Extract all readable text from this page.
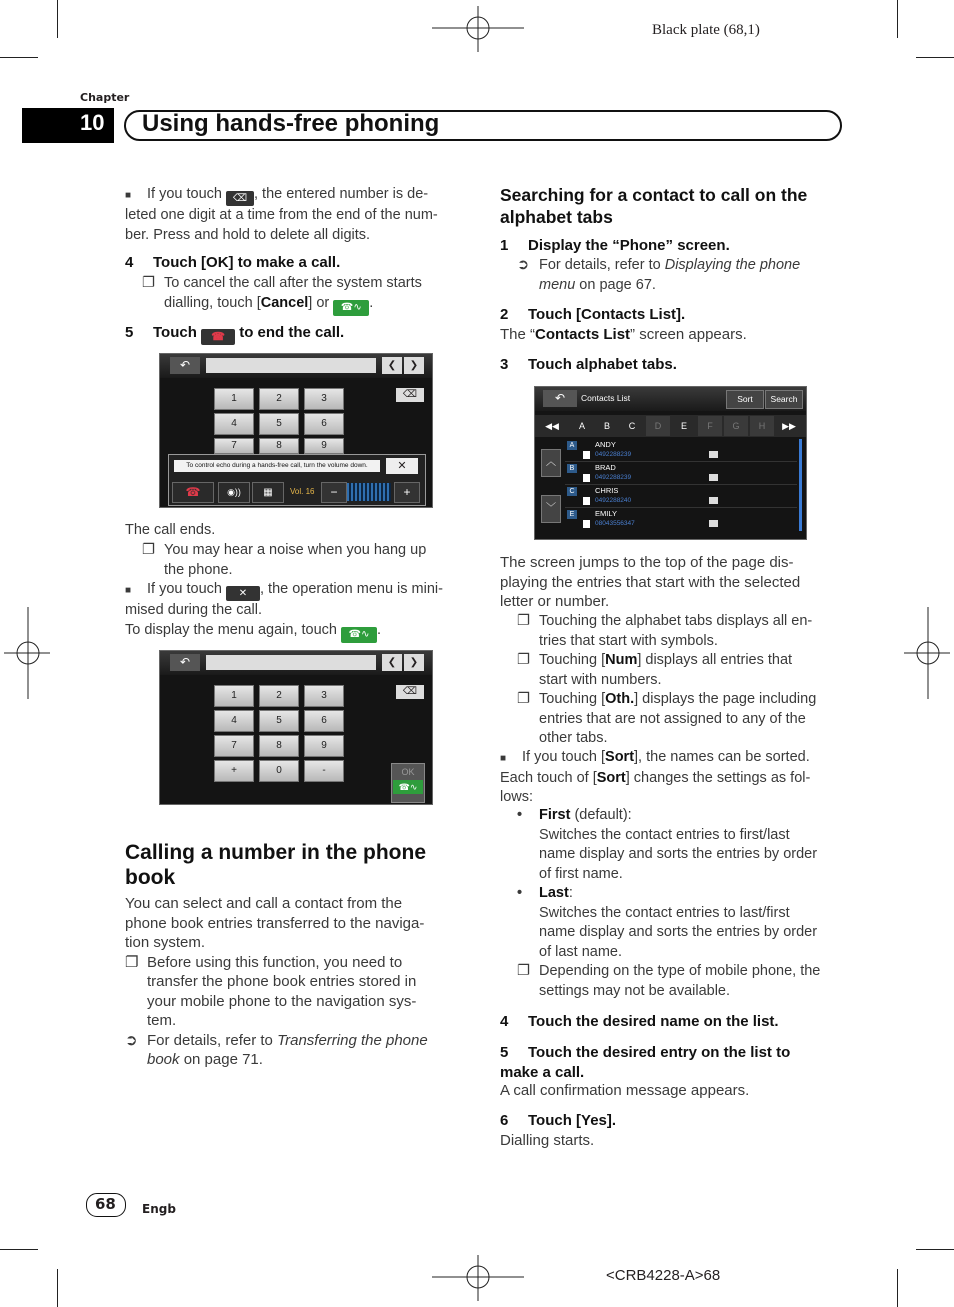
Black plate (68,1)
Chapter
10 Using hands-free phoning
■ If you touch ⌫ , the entered number is de-
leted one digit at a time from the end of the num-
ber. Press and hold to delete all digits.
4 Touch [OK] to make a call.
❐ To cancel the call after the system starts
dialling, touch [Cancel] or ☎∿ .
5 Touch ☎ to end the call.
↶	❮	❯
⌫
1	2	3
4	5	6
7	8	9
To control echo during a hands-free call, turn the volume down.	✕
☎	◉))	▦	Vol. 16	−	+
The call ends.
❐ You may hear a noise when you hang up
the phone.
■ If you touch ✕ , the operation menu is mini-
mised during the call.
To display the menu again, touch ☎∿ .
↶	❮	❯
⌫
1	2	3
4	5	6
7	8	9
+	0	-	OK
☎∿
Calling a number in the phone
book
You can select and call a contact from the
phone book entries transferred to the naviga-
tion system.
❐ Before using this function, you need to
transfer the phone book entries stored in
your mobile phone to the navigation sys-
tem.
➲ For details, refer to Transferring the phone
book on page 71.
Searching for a contact to call on the
alphabet tabs
1 Display the “Phone” screen.
➲ For details, refer to Displaying the phone
menu on page 67.
2 Touch [Contacts List].
The “Contacts List” screen appears.
3 Touch alphabet tabs.
↶	Contacts List	Sort	Search
◀◀	A	B	C	D	E	F	G	H	▶▶
︿
﹀
A	ANDY
0492288239
B	BRAD
0492288239
C	CHRIS
0492288240
E	EMILY
08043556347
The screen jumps to the top of the page dis-
playing the entries that start with the selected
letter or number.
❐ Touching the alphabet tabs displays all en-
tries that start with symbols.
❐ Touching [Num] displays all entries that
start with numbers.
❐ Touching [Oth.] displays the page including
entries that are not assigned to any of the
other tabs.
■ If you touch [Sort], the names can be sorted.
Each touch of [Sort] changes the settings as fol-
lows:
• First (default):
Switches the contact entries to first/last
name display and sorts the entries by order
of first name.
• Last:
Switches the contact entries to last/first
name display and sorts the entries by order
of last name.
❐ Depending on the type of mobile phone, the
settings may not be available.
4 Touch the desired name on the list.
5 Touch the desired entry on the list to
make a call.
A call confirmation message appears.
6 Touch [Yes].
Dialling starts.
68 Engb
<CRB4228-A>68
